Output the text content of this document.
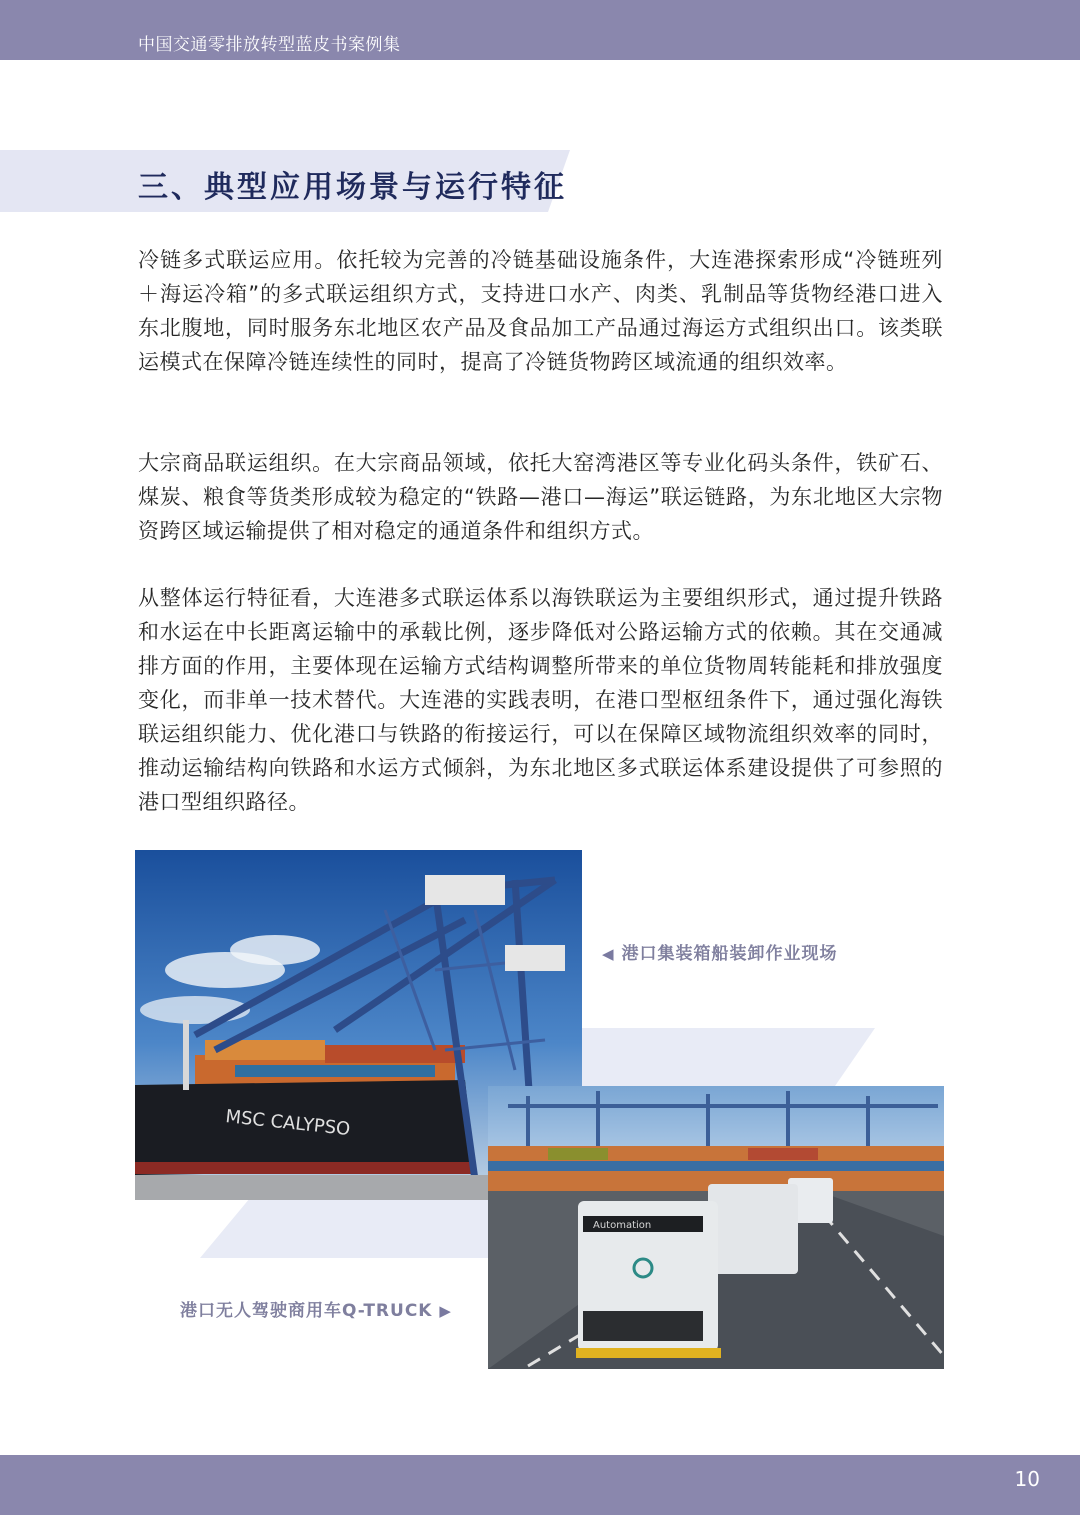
中国交通零排放转型蓝皮书案例集
三、典型应用场景与运行特征

冷链多式联运应用。依托较为完善的冷链基础设施条件，大连港探索形成“冷链班列＋海运冷箱”的多式联运组织方式，支持进口水产、肉类、乳制品等货物经港口进入东北腹地，同时服务东北地区农产品及食品加工产品通过海运方式组织出口。该类联运模式在保障冷链连续性的同时，提高了冷链货物跨区域流通的组织效率。

大宗商品联运组织。在大宗商品领域，依托大窑湾港区等专业化码头条件，铁矿石、煤炭、粮食等货类形成较为稳定的“铁路—港口—海运”联运链路，为东北地区大宗物资跨区域运输提供了相对稳定的通道条件和组织方式。

从整体运行特征看，大连港多式联运体系以海铁联运为主要组织形式，通过提升铁路和水运在中长距离运输中的承载比例，逐步降低对公路运输方式的依赖。其在交通减排方面的作用，主要体现在运输方式结构调整所带来的单位货物周转能耗和排放强度变化，而非单一技术替代。大连港的实践表明，在港口型枢纽条件下，通过强化海铁联运组织能力、优化港口与铁路的衔接运行，可以在保障区域物流组织效率的同时，推动运输结构向铁路和水运方式倾斜，为东北地区多式联运体系建设提供了可参照的港口型组织路径。

MSC CALYPSO
Automation
◀ 港口集装箱船装卸作业现场
港口无人驾驶商用车Q-TRUCK ▶
10
